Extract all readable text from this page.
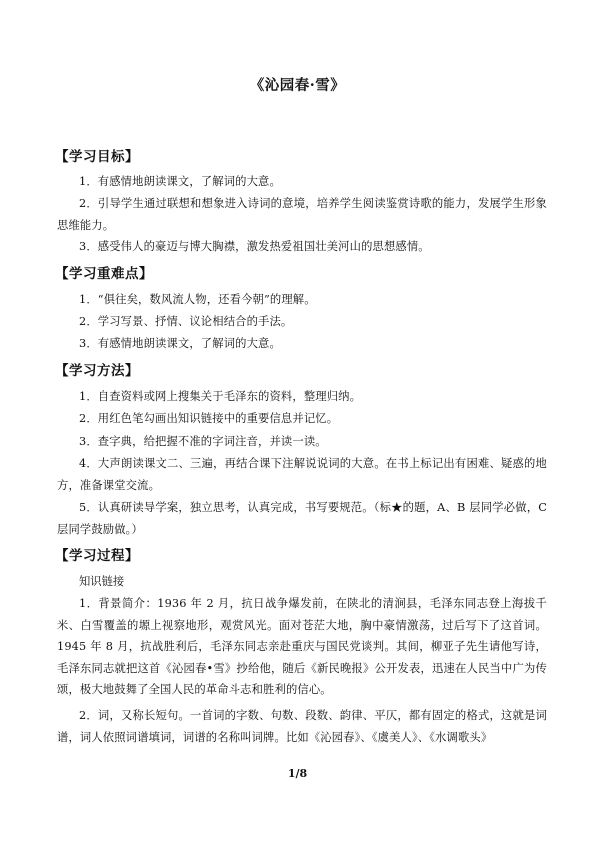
《沁园春·雪》
【学习目标】
1．有感情地朗读课文，了解词的大意。
2．引导学生通过联想和想象进入诗词的意境，培养学生阅读鉴赏诗歌的能力，发展学生形象思维能力。
3．感受伟人的豪迈与博大胸襟，激发热爱祖国壮美河山的思想感情。
【学习重难点】
1．“俱往矣，数风流人物，还看今朝”的理解。
2．学习写景、抒情、议论相结合的手法。
3．有感情地朗读课文，了解词的大意。
【学习方法】
1．自查资料或网上搜集关于毛泽东的资料，整理归纳。
2．用红色笔勾画出知识链接中的重要信息并记忆。
3．查字典，给把握不准的字词注音，并读一读。
4．大声朗读课文二、三遍，再结合课下注解说说词的大意。在书上标记出有困难、疑惑的地方，准备课堂交流。
5．认真研读导学案，独立思考，认真完成，书写要规范。（标★的题，A、B 层同学必做，C 层同学鼓励做。）
【学习过程】
知识链接
1．背景简介：1936 年 2 月，抗日战争爆发前，在陕北的清涧县，毛泽东同志登上海拔千米、白雪覆盖的塬上视察地形，观赏风光。面对苍茫大地，胸中豪情激荡，过后写下了这首词。1945 年 8 月，抗战胜利后，毛泽东同志亲赴重庆与国民党谈判。其间，柳亚子先生请他写诗，毛泽东同志就把这首《沁园春•雪》抄给他，随后《新民晚报》公开发表，迅速在人民当中广为传颂，极大地鼓舞了全国人民的革命斗志和胜利的信心。
2．词，又称长短句。一首词的字数、句数、段数、韵律、平仄，都有固定的格式，这就是词谱，词人依照词谱填词，词谱的名称叫词牌。比如《沁园春》、《虞美人》、《水调歌头》
1/8
